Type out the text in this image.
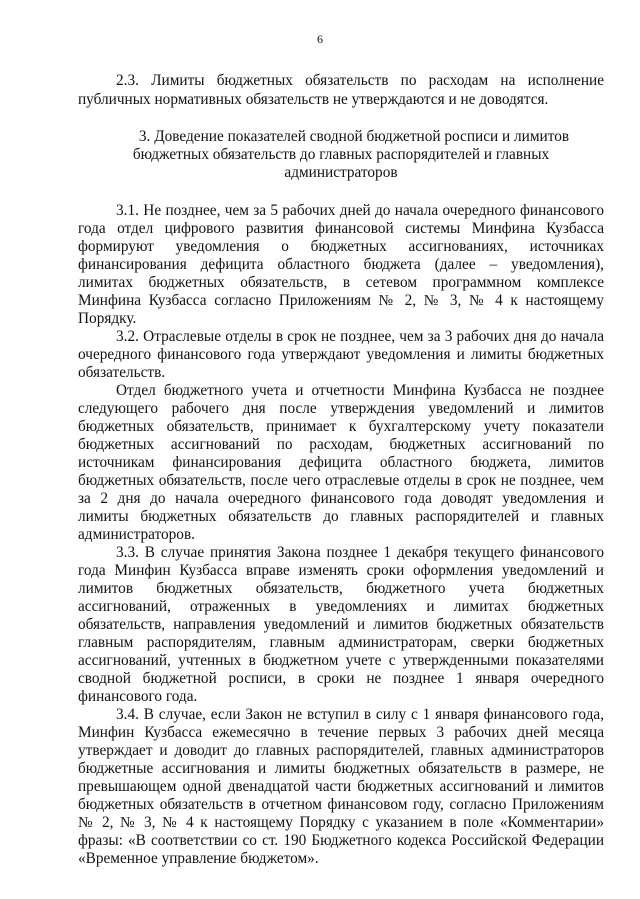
6
2.3. Лимиты бюджетных обязательств по расходам на исполнение
публичных нормативных обязательств не утверждаются и не доводятся.
3. Доведение показателей сводной бюджетной росписи и лимитов
бюджетных обязательств до главных распорядителей и главных
администраторов
3.1. Не позднее, чем за 5 рабочих дней до начала очередного финансового
года отдел цифрового развития финансовой системы Минфина Кузбасса
формируют уведомления о бюджетных ассигнованиях, источниках
финансирования дефицита областного бюджета (далее – уведомления),
лимитах бюджетных обязательств, в сетевом программном комплексе
Минфина Кузбасса согласно Приложениям № 2, № 3, № 4 к настоящему
Порядку.
3.2. Отраслевые отделы в срок не позднее, чем за 3 рабочих дня до начала
очередного финансового года утверждают уведомления и лимиты бюджетных
обязательств.
Отдел бюджетного учета и отчетности Минфина Кузбасса не позднее
следующего рабочего дня после утверждения уведомлений и лимитов
бюджетных обязательств, принимает к бухгалтерскому учету показатели
бюджетных ассигнований по расходам, бюджетных ассигнований по
источникам финансирования дефицита областного бюджета, лимитов
бюджетных обязательств, после чего отраслевые отделы в срок не позднее, чем
за 2 дня до начала очередного финансового года доводят уведомления и
лимиты бюджетных обязательств до главных распорядителей и главных
администраторов.
3.3. В случае принятия Закона позднее 1 декабря текущего финансового
года Минфин Кузбасса вправе изменять сроки оформления уведомлений и
лимитов бюджетных обязательств, бюджетного учета бюджетных
ассигнований, отраженных в уведомлениях и лимитах бюджетных
обязательств, направления уведомлений и лимитов бюджетных обязательств
главным распорядителям, главным администраторам, сверки бюджетных
ассигнований, учтенных в бюджетном учете с утвержденными показателями
сводной бюджетной росписи, в сроки не позднее 1 января очередного
финансового года.
3.4. В случае, если Закон не вступил в силу с 1 января финансового года,
Минфин Кузбасса ежемесячно в течение первых 3 рабочих дней месяца
утверждает и доводит до главных распорядителей, главных администраторов
бюджетные ассигнования и лимиты бюджетных обязательств в размере, не
превышающем одной двенадцатой части бюджетных ассигнований и лимитов
бюджетных обязательств в отчетном финансовом году, согласно Приложениям
№ 2, № 3, № 4 к настоящему Порядку с указанием в поле «Комментарии»
фразы: «В соответствии со ст. 190 Бюджетного кодекса Российской Федерации
«Временное управление бюджетом».
